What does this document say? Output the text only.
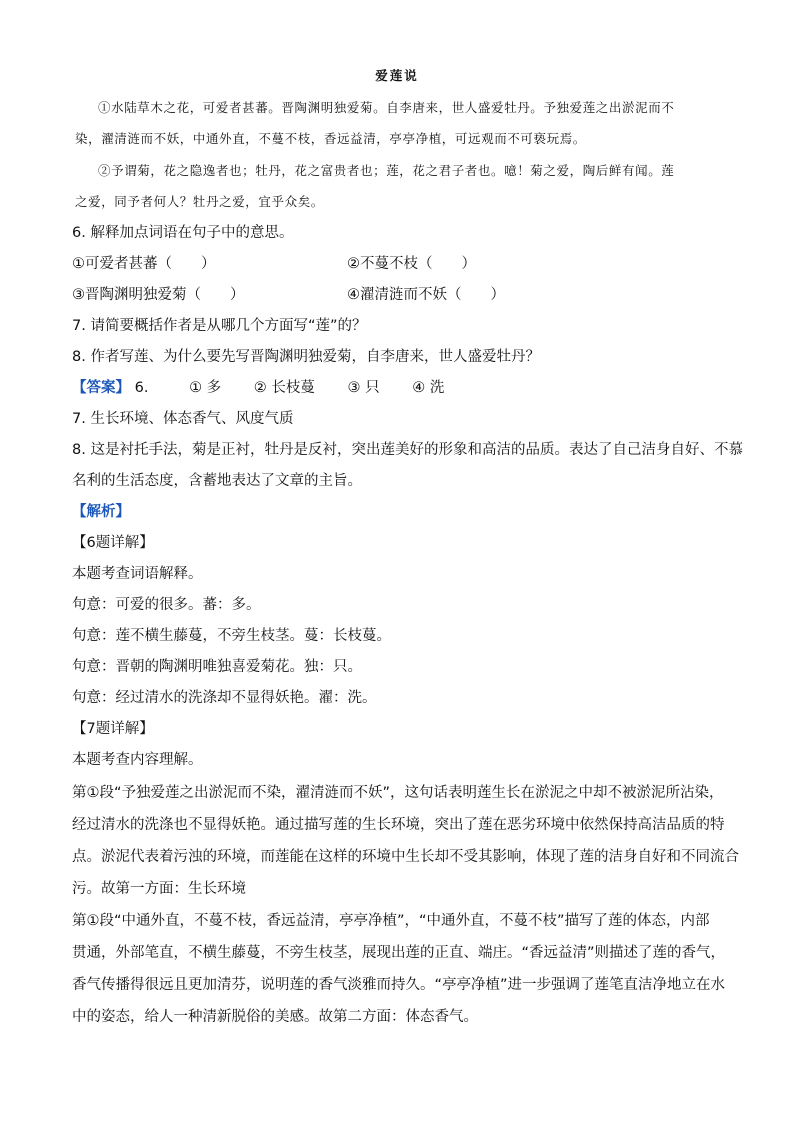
爱莲说
①水陆草木之花，可爱者甚蕃。晋陶渊明独爱菊。自李唐来，世人盛爱牡丹。予独爱莲之出淤泥而不
染，濯清涟而不妖，中通外直，不蔓不枝，香远益清，亭亭净植，可远观而不可亵玩焉。
②予谓菊，花之隐逸者也；牡丹，花之富贵者也；莲，花之君子者也。噫！菊之爱，陶后鲜有闻。莲
之爱，同予者何人？牡丹之爱，宜乎众矣。
6. 解释加点词语在句子中的意思。
①可爱者甚蕃（　　）	②不蔓不枝（　　）
③晋陶渊明独爱菊（　　）	④濯清涟而不妖（　　）
7. 请简要概括作者是从哪几个方面写“莲”的？
8. 作者写莲、为什么要先写晋陶渊明独爱菊，自李唐来，世人盛爱牡丹？
【答案】 6.	① 多 ② 长枝蔓 ③ 只 ④ 洗
7. 生长环境、体态香气、风度气质
8. 这是衬托手法，菊是正衬，牡丹是反衬，突出莲美好的形象和高洁的品质。表达了自己洁身自好、不慕
名利的生活态度，含蓄地表达了文章的主旨。
【解析】
【6题详解】
本题考查词语解释。
句意：可爱的很多。蕃：多。
句意：莲不横生藤蔓，不旁生枝茎。蔓：长枝蔓。
句意：晋朝的陶渊明唯独喜爱菊花。独：只。
句意：经过清水的洗涤却不显得妖艳。濯：洗。
【7题详解】
本题考查内容理解。
第①段“予独爱莲之出淤泥而不染，濯清涟而不妖”，这句话表明莲生长在淤泥之中却不被淤泥所沾染，
经过清水的洗涤也不显得妖艳。通过描写莲的生长环境，突出了莲在恶劣环境中依然保持高洁品质的特
点。淤泥代表着污浊的环境，而莲能在这样的环境中生长却不受其影响，体现了莲的洁身自好和不同流合
污。故第一方面：生长环境
第①段“中通外直，不蔓不枝，香远益清，亭亭净植”，“中通外直，不蔓不枝”描写了莲的体态，内部
贯通，外部笔直，不横生藤蔓，不旁生枝茎，展现出莲的正直、端庄。“香远益清”则描述了莲的香气，
香气传播得很远且更加清芬，说明莲的香气淡雅而持久。“亭亭净植”进一步强调了莲笔直洁净地立在水
中的姿态，给人一种清新脱俗的美感。故第二方面：体态香气。
